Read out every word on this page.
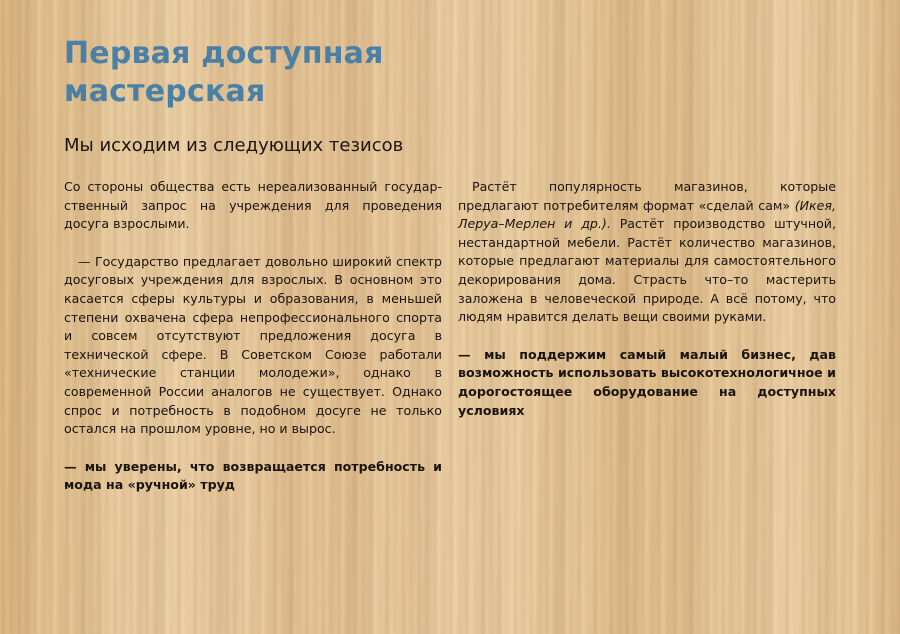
Первая доступная
мастерская
Мы исходим из следующих тезисов

Со стороны общества есть нереализованный государственный запрос на учреждения для проведения досуга взрослыми.

— Государство предлагает довольно широкий спектр досуговых учреждения для взрослых. В основном это касается сферы культуры и образования, в меньшей степени охвачена сфера непрофессионального спорта и совсем отсутствуют предложения досуга в технической сфере. В Советском Союзе работали «технические станции молодежи», однако в современной России аналогов не существует. Однако спрос и потребность в подобном досуге не только остался на прошлом уровне, но и вырос.

— мы уверены, что возвращается потребность и мода на «ручной» труд

Растёт популярность магазинов, которые предлагают потребителям формат «сделай сам» (Икея, Леруа–Мерлен и др.). Растёт производство штучной, нестандартной мебели. Растёт количество магазинов, которые предлагают материалы для самостоятельного декорирования дома. Страсть что–то мастерить заложена в человеческой природе. А всё потому, что людям нравится делать вещи своими руками.

— мы поддержим самый малый бизнес, дав возможность использовать высокотехнологичное и дорогостоящее оборудование на доступных условиях
